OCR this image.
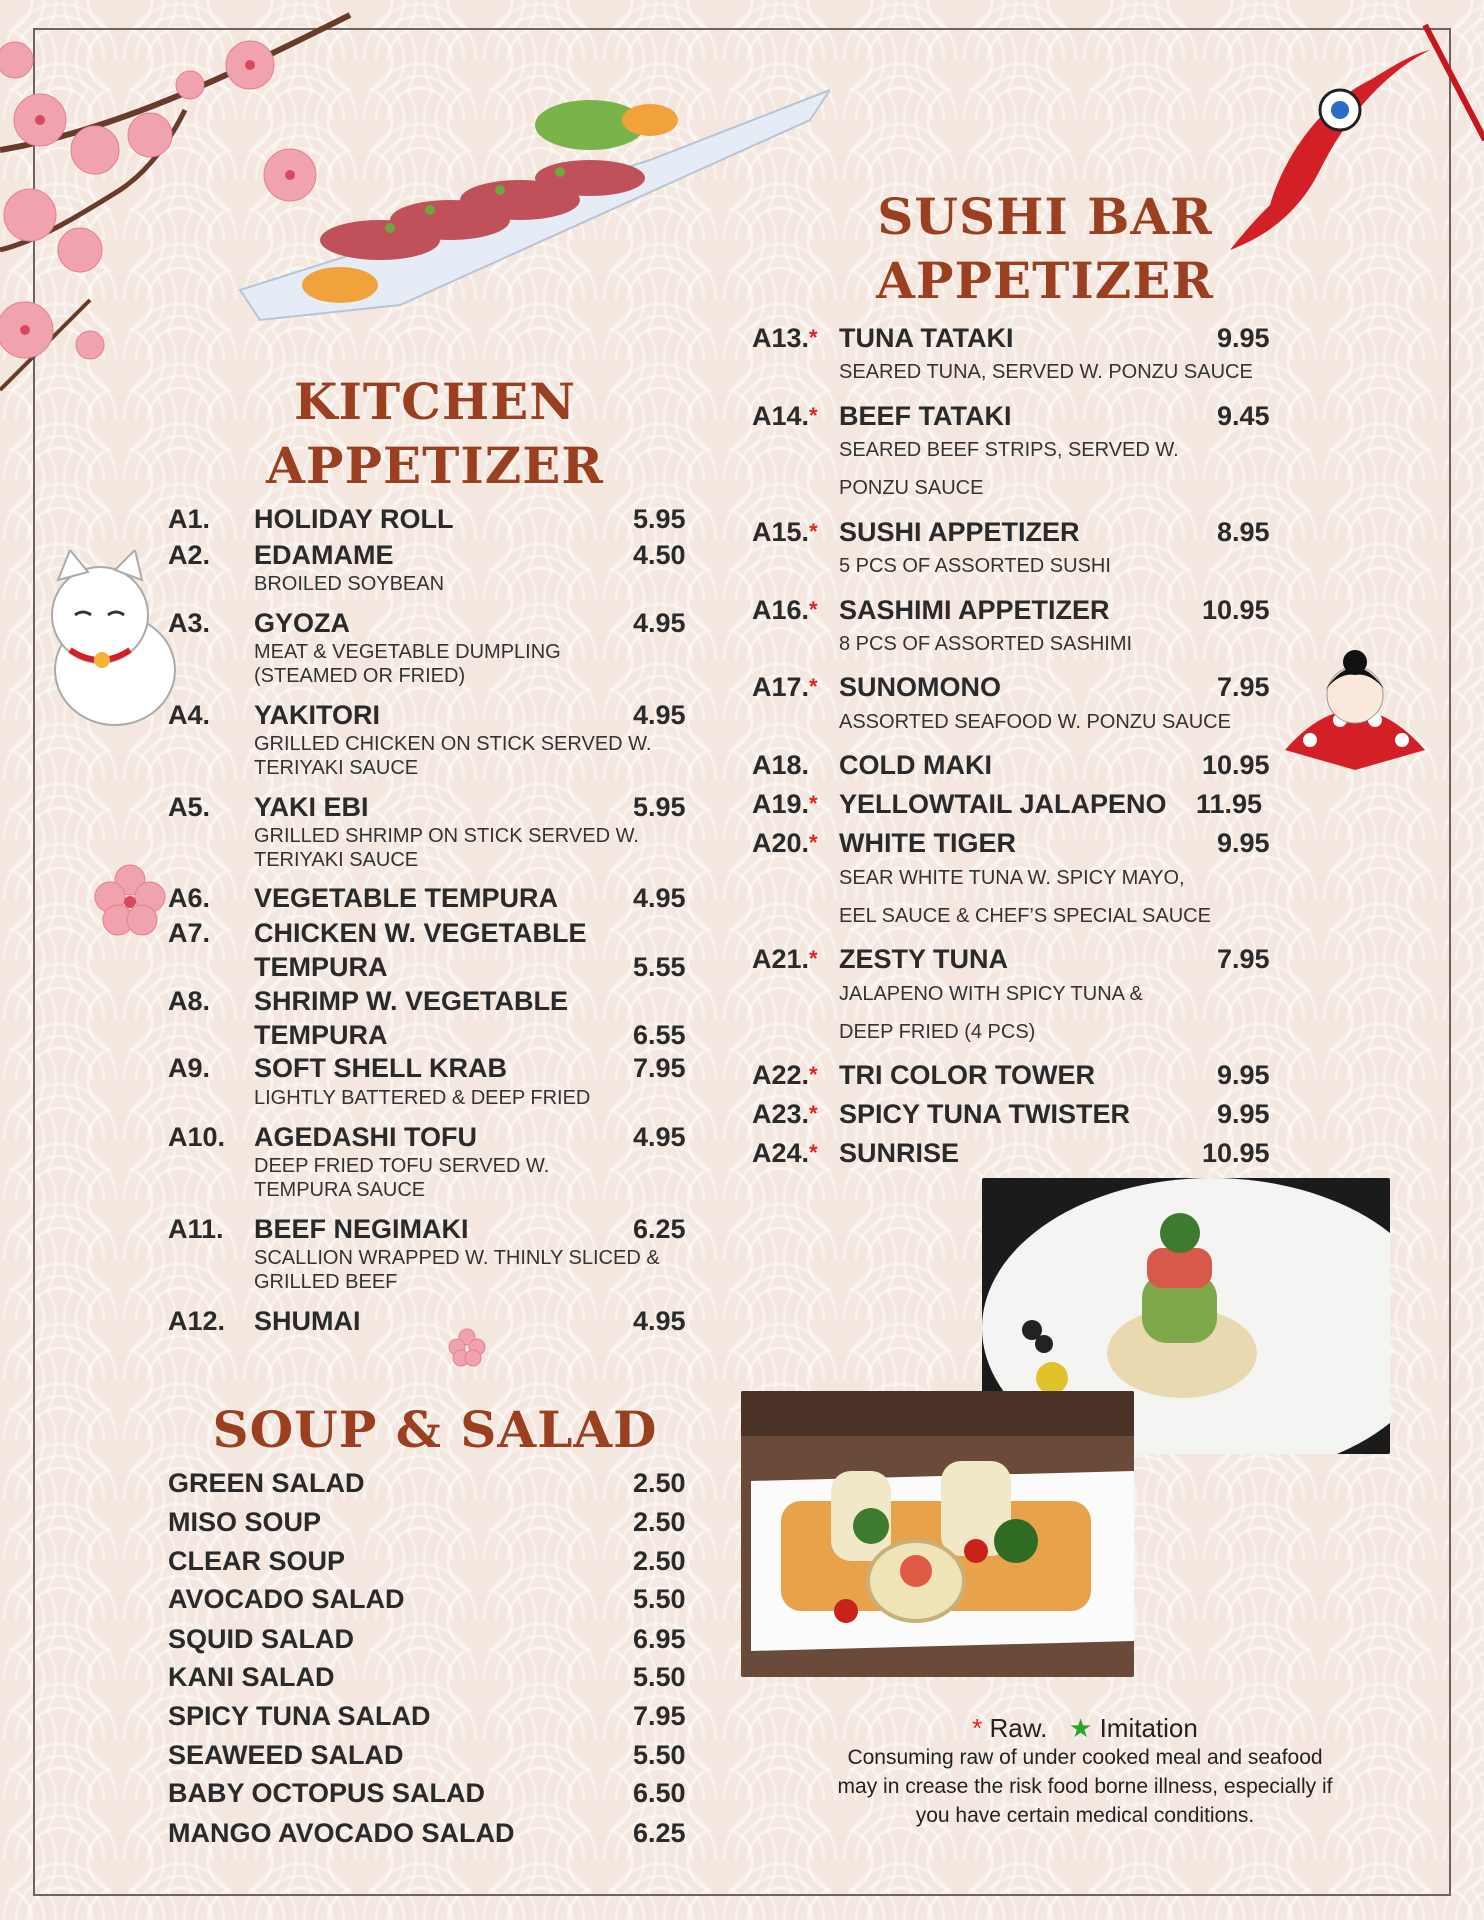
KITCHEN
APPETIZER
A1. HOLIDAY ROLL	5.95
A2. EDAMAME	4.50
BROILED SOYBEAN
A3. GYOZA	4.95
MEAT & VEGETABLE DUMPLING
(STEAMED OR FRIED)
A4. YAKITORI	4.95
GRILLED CHICKEN ON STICK SERVED W.
TERIYAKI SAUCE
A5. YAKI EBI	5.95
GRILLED SHRIMP ON STICK SERVED W.
TERIYAKI SAUCE
A6. VEGETABLE TEMPURA	4.95
A7. CHICKEN W. VEGETABLE
TEMPURA	5.55
A8. SHRIMP W. VEGETABLE
TEMPURA	6.55
A9. SOFT SHELL KRAB	7.95
LIGHTLY BATTERED & DEEP FRIED
A10. AGEDASHI TOFU	4.95
DEEP FRIED TOFU SERVED W.
TEMPURA SAUCE
A11. BEEF NEGIMAKI	6.25
SCALLION WRAPPED W. THINLY SLICED &
GRILLED BEEF
A12. SHUMAI	4.95
SOUP & SALAD
GREEN SALAD	2.50
MISO SOUP	2.50
CLEAR SOUP	2.50
AVOCADO SALAD	5.50
SQUID SALAD	6.95
KANI SALAD	5.50
SPICY TUNA SALAD	7.95
SEAWEED SALAD	5.50
BABY OCTOPUS SALAD	6.50
MANGO AVOCADO SALAD	6.25
SUSHI BAR
APPETIZER
A13.* TUNA TATAKI	9.95
SEARED TUNA, SERVED W. PONZU SAUCE
A14.* BEEF TATAKI	9.45
SEARED BEEF STRIPS, SERVED W.
PONZU SAUCE
A15.* SUSHI APPETIZER	8.95
5 PCS OF ASSORTED SUSHI
A16.* SASHIMI APPETIZER	10.95
8 PCS OF ASSORTED SASHIMI
A17.* SUNOMONO	7.95
ASSORTED SEAFOOD W. PONZU SAUCE
A18. COLD MAKI	10.95
A19.* YELLOWTAIL JALAPENO 11.95
A20.* WHITE TIGER	9.95
SEAR WHITE TUNA W. SPICY MAYO,
EEL SAUCE & CHEF’S SPECIAL SAUCE
A21.* ZESTY TUNA	7.95
JALAPENO WITH SPICY TUNA &
DEEP FRIED (4 PCS)
A22.* TRI COLOR TOWER	9.95
A23.* SPICY TUNA TWISTER	9.95
A24.* SUNRISE	10.95
* Raw. ★ Imitation
Consuming raw of under cooked meal and seafood
may in crease the risk food borne illness, especially if
you have certain medical conditions.
